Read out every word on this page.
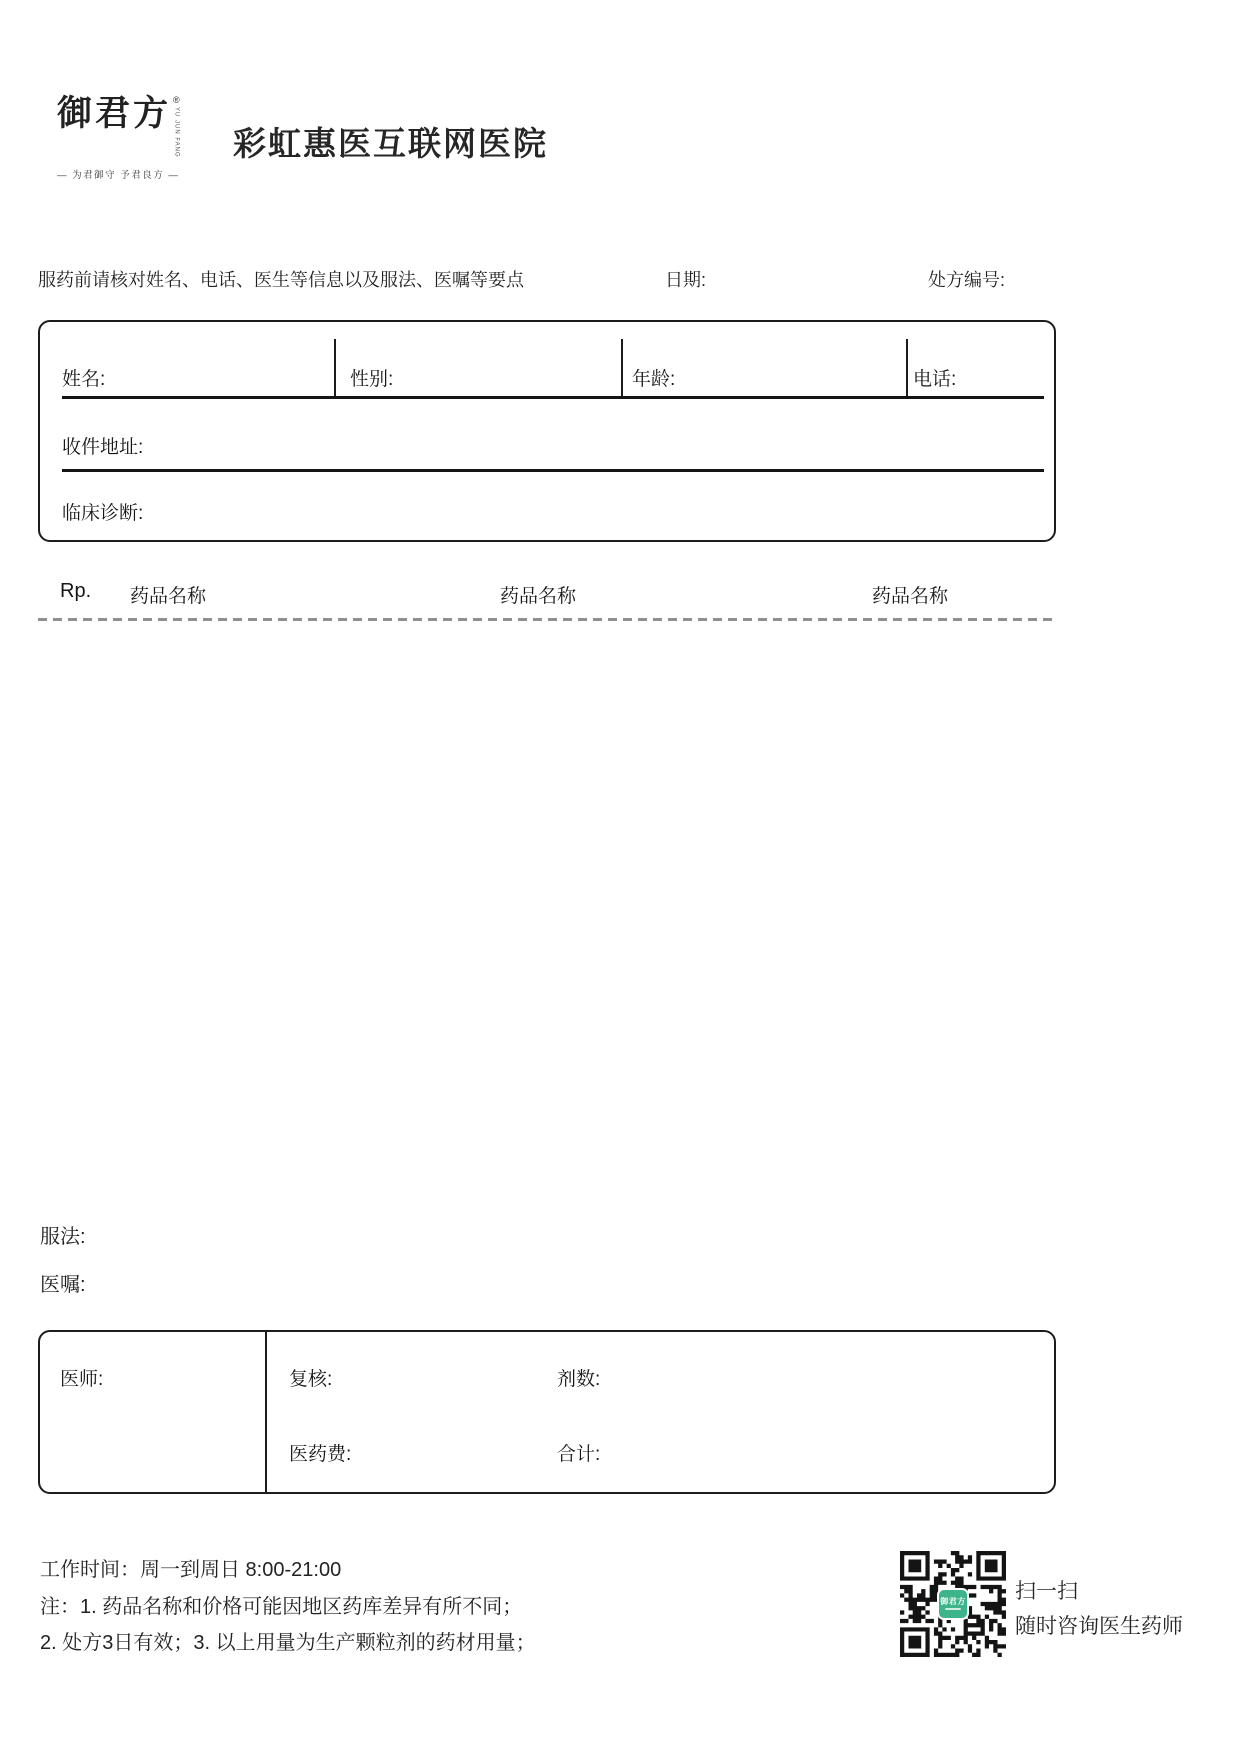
御君方 ®
YU JUN FANG
— 为君御守 予君良方 —
彩虹惠医互联网医院
服药前请核对姓名、电话、医生等信息以及服法、医嘱等要点	日期:	处方编号:
姓名:	性别:	年龄:	电话:
收件地址:
临床诊断:
Rp. 药品名称	药品名称	药品名称
服法:
医嘱:
医师:	复核:	剂数:
医药费:	合计:
工作时间：周一到周日 8:00-21:00
注：1. 药品名称和价格可能因地区药库差异有所不同；
2. 处方3日有效；3. 以上用量为生产颗粒剂的药材用量；
御君方 扫一扫
随时咨询医生药师
